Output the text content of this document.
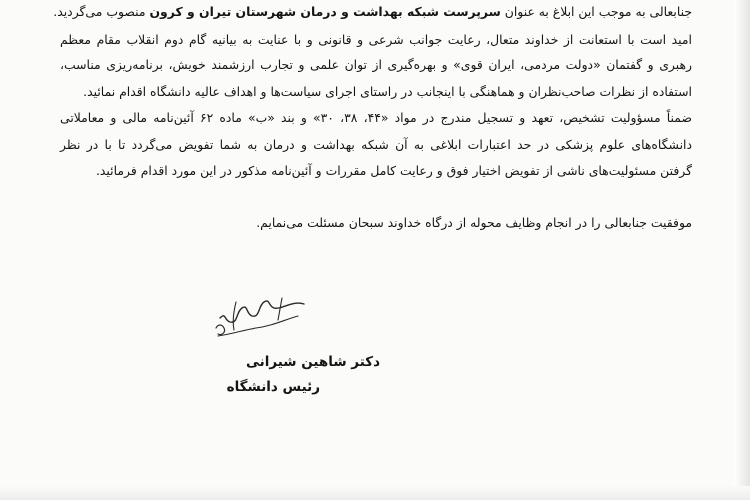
جنابعالی به موجب این ابلاغ به عنوان سرپرست شبکه بهداشت و درمان شهرستان تیران و کرون منصوب می‌گردید.
امید است با استعانت از خداوند متعال، رعایت جوانب شرعی و قانونی و با عنایت به بیانیه گام دوم انقلاب مقام معظم
رهبری و گفتمان «دولت مردمی، ایران قوی» و بهره‌گیری از توان علمی و تجارب ارزشمند خویش، برنامه‌ریزی مناسب،
استفاده از نظرات صاحب‌نظران و هماهنگی با اینجانب در راستای اجرای سیاست‌ها و اهداف عالیه دانشگاه اقدام نمائید.
ضمناً مسؤولیت تشخیص، تعهد و تسجیل مندرج در مواد «۴۴، ۳۸، ۳۰» و بند «ب» ماده ۶۲ آئین‌نامه مالی و معاملاتی
دانشگاه‌های علوم پزشکی در حد اعتبارات ابلاغی به آن شبکه بهداشت و درمان به شما تفویض می‌گردد تا با در نظر
گرفتن مسئولیت‌های ناشی از تفویض اختیار فوق و رعایت کامل مقررات و آئین‌نامه مذکور در این مورد اقدام فرمائید.
موفقیت جنابعالی را در انجام وظایف محوله از درگاه خداوند سبحان مسئلت می‌نمایم.
دکتر شاهین شیرانی
رئیس دانشگاه
